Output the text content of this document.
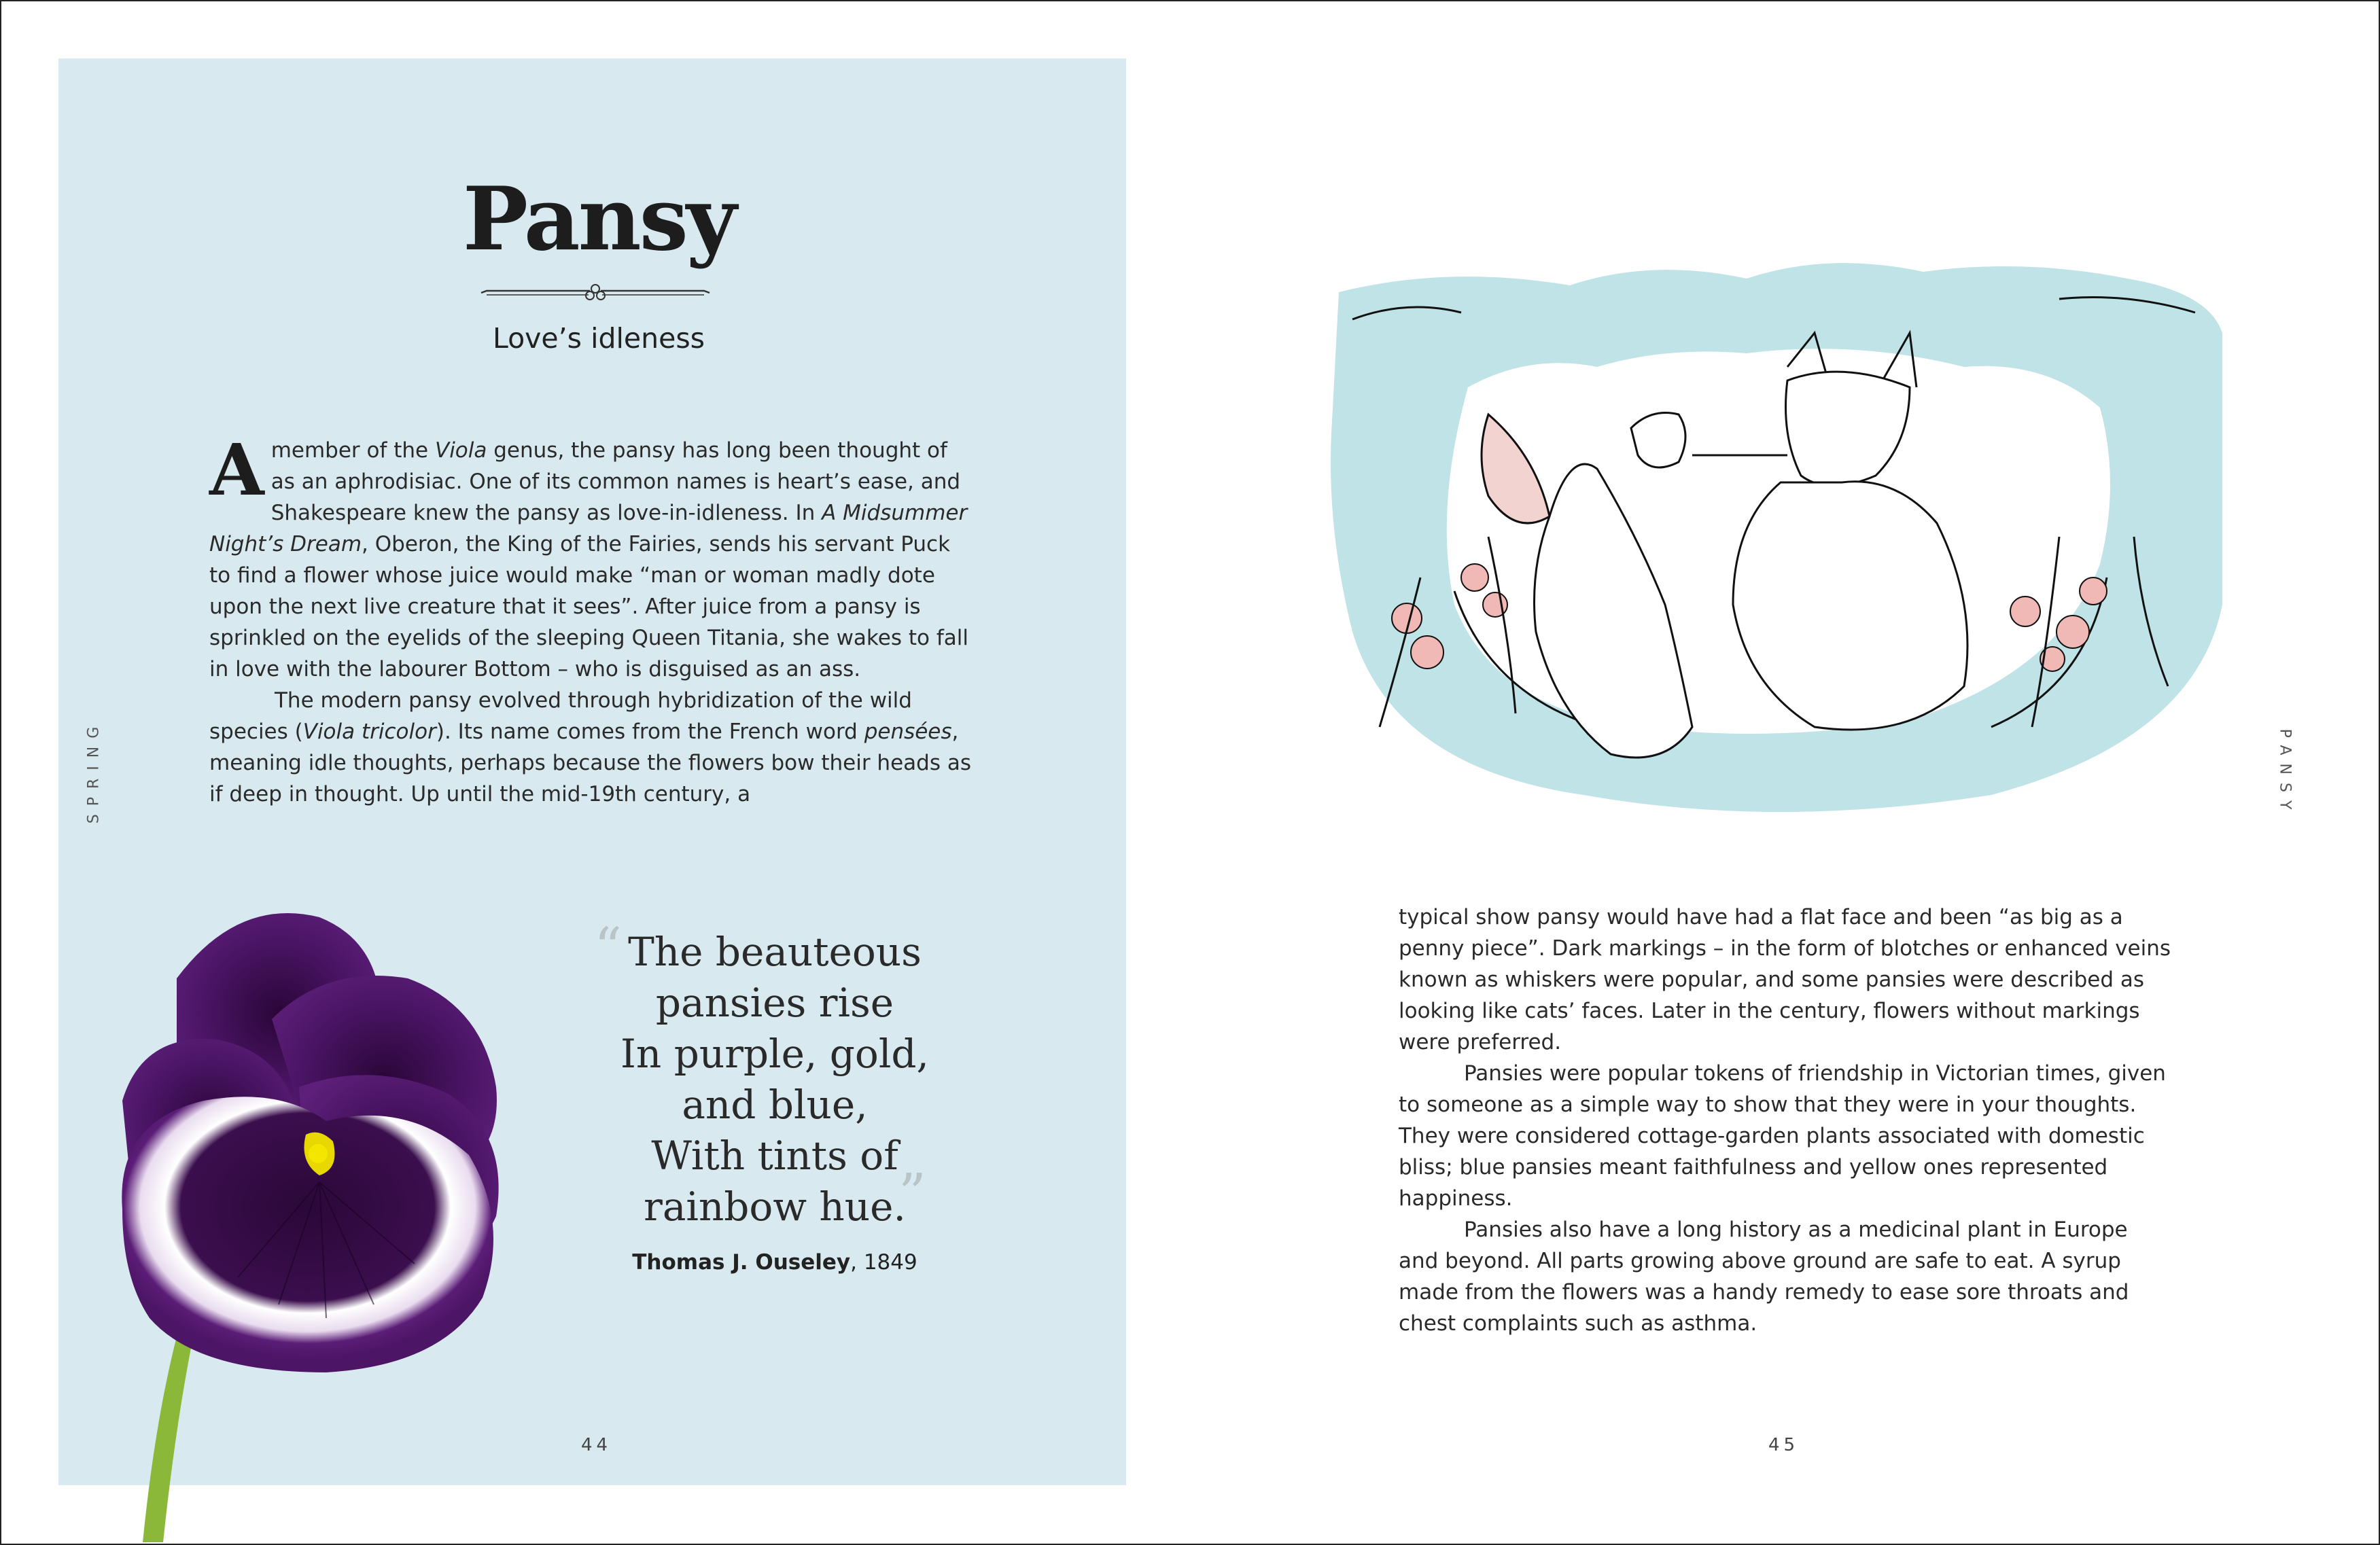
Pansy
Love’s idleness

A member of the Viola genus, the pansy has long been thought of as an aphrodisiac. One of its common names is heart’s ease, and Shakespeare knew the pansy as love-in-idleness. In A Midsummer Night’s Dream, Oberon, the King of the Fairies, sends his servant Puck to find a flower whose juice would make “man or woman madly dote upon the next live creature that it sees”. After juice from a pansy is sprinkled on the eyelids of the sleeping Queen Titania, she wakes to fall in love with the labourer Bottom – who is disguised as an ass.

The modern pansy evolved through hybridization of the wild species (Viola tricolor). Its name comes from the French word pensées, meaning idle thoughts, perhaps because the flowers bow their heads as if deep in thought. Up until the mid-19th century, a

SPRING
“ The beauteous
pansies rise
In purple, gold,
and blue,
With tints of
rainbow hue.
”
Thomas J. Ouseley, 1849
44
PANSY

typical show pansy would have had a flat face and been “as big as a penny piece”. Dark markings – in the form of blotches or enhanced veins known as whiskers were popular, and some pansies were described as looking like cats’ faces. Later in the century, flowers without markings were preferred.

Pansies were popular tokens of friendship in Victorian times, given to someone as a simple way to show that they were in your thoughts. They were considered cottage-garden plants associated with domestic bliss; blue pansies meant faithfulness and yellow ones represented happiness.

Pansies also have a long history as a medicinal plant in Europe and beyond. All parts growing above ground are safe to eat. A syrup made from the flowers was a handy remedy to ease sore throats and chest complaints such as asthma.

45
